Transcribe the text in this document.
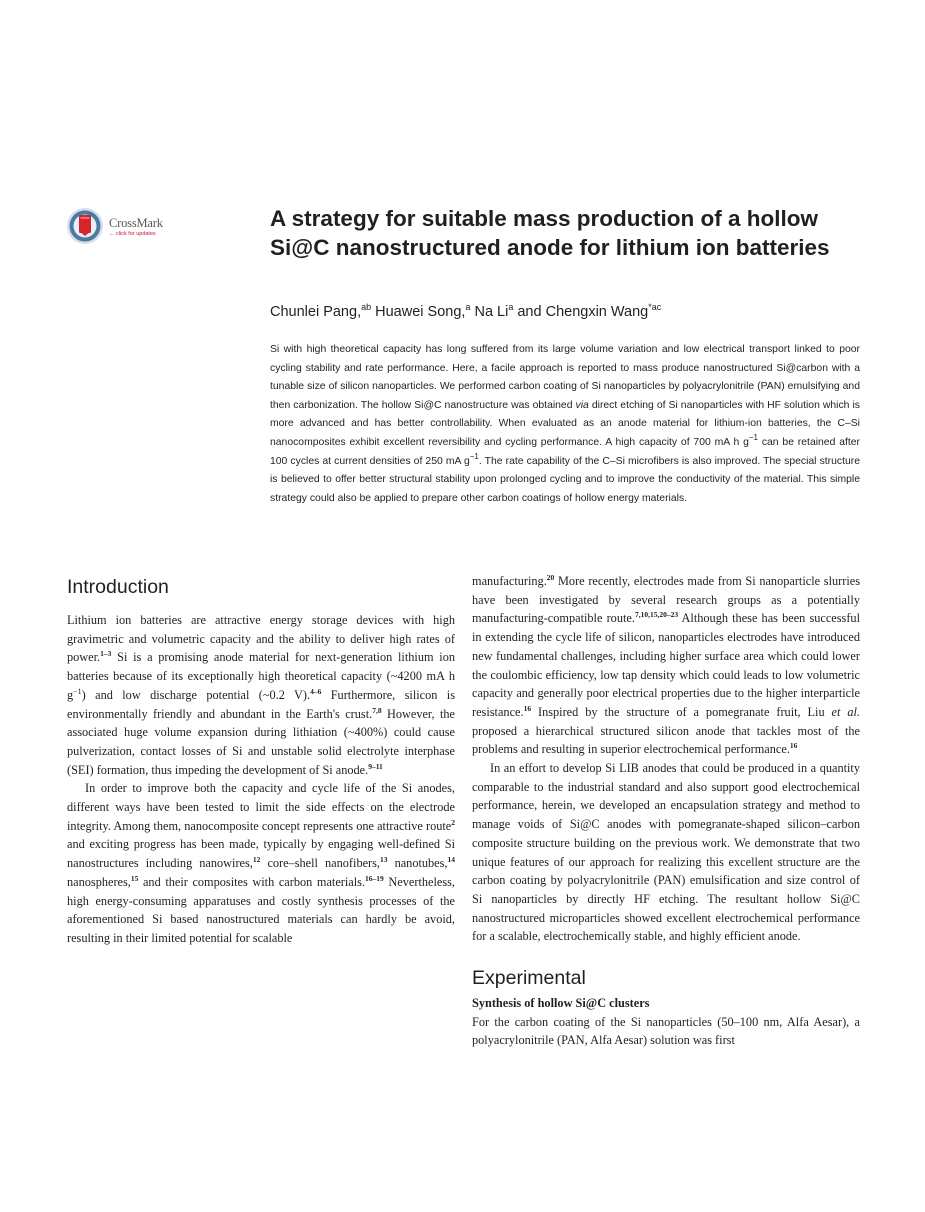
CrossMark
← click for updates
A strategy for suitable mass production of a hollow Si@C nanostructured anode for lithium ion batteries
Chunlei Pang,$^{ab}$ Huawei Song,$^a$ Na Li$^a$ and Chengxin Wang$^{*ac}$

Si with high theoretical capacity has long suffered from its large volume variation and low electrical transport linked to poor cycling stability and rate performance. Here, a facile approach is reported to mass produce nanostructured Si@carbon with a tunable size of silicon nanoparticles. We performed carbon coating of Si nanoparticles by polyacrylonitrile (PAN) emulsifying and then carbonization. The hollow Si@C nanostructure was obtained via direct etching of Si nanoparticles with HF solution which is more advanced and has better controllability. When evaluated as an anode material for lithium-ion batteries, the C–Si nanocomposites exhibit excellent reversibility and cycling performance. A high capacity of 700 mA h $g^{-1}$ can be retained after 100 cycles at current densities of 250 mA $g^{-1}$. The rate capability of the C–Si microfibers is also improved. The special structure is believed to offer better structural stability upon prolonged cycling and to improve the conductivity of the material. This simple strategy could also be applied to prepare other carbon coatings of hollow energy materials.

Introduction

Lithium ion batteries are attractive energy storage devices with high gravimetric and volumetric capacity and the ability to deliver high rates of power.$^{1-3}$ Si is a promising anode material for next-generation lithium ion batteries because of its exceptionally high theoretical capacity (~4200 mA h $g^{-1}$) and low discharge potential (~0.2 V).$^{4-6}$ Furthermore, silicon is environmentally friendly and abundant in the Earth's crust.$^{7,8}$ However, the associated huge volume expansion during lithiation (~400%) could cause pulverization, contact losses of Si and unstable solid electrolyte interphase (SEI) formation, thus impeding the development of Si anode.$^{9-11}$

In order to improve both the capacity and cycle life of the Si anodes, different ways have been tested to limit the side effects on the electrode integrity. Among them, nanocomposite concept represents one attractive route$^2$ and exciting progress has been made, typically by engaging well-defined Si nanostructures including nanowires,$^{12}$ core–shell nanofibers,$^{13}$ nanotubes,$^{14}$ nanospheres,$^{15}$ and their composites with carbon materials.$^{16-19}$ Nevertheless, high energy-consuming apparatuses and costly synthesis processes of the aforementioned Si based nanostructured materials can hardly be avoid, resulting in their limited potential for scalable

manufacturing.$^{20}$ More recently, electrodes made from Si nanoparticle slurries have been investigated by several research groups as a potentially manufacturing-compatible route.$^{7,10,15,20-23}$ Although these has been successful in extending the cycle life of silicon, nanoparticles electrodes have introduced new fundamental challenges, including higher surface area which could lower the coulombic efficiency, low tap density which could leads to low volumetric capacity and generally poor electrical properties due to the higher interparticle resistance.$^{16}$ Inspired by the structure of a pomegranate fruit, Liu et al. proposed a hierarchical structured silicon anode that tackles most of the problems and resulting in superior electrochemical performance.$^{16}$

In an effort to develop Si LIB anodes that could be produced in a quantity comparable to the industrial standard and also support good electrochemical performance, herein, we developed an encapsulation strategy and method to manage voids of Si@C anodes with pomegranate-shaped silicon–carbon composite structure building on the previous work. We demonstrate that two unique features of our approach for realizing this excellent structure are the carbon coating by polyacrylonitrile (PAN) emulsification and size control of Si nanoparticles by directly HF etching. The resultant hollow Si@C nanostructured microparticles showed excellent electrochemical performance for a scalable, electrochemically stable, and highly efficient anode.

Experimental

Synthesis of hollow Si@C clusters

For the carbon coating of the Si nanoparticles (50–100 nm, Alfa Aesar), a polyacrylonitrile (PAN, Alfa Aesar) solution was first
